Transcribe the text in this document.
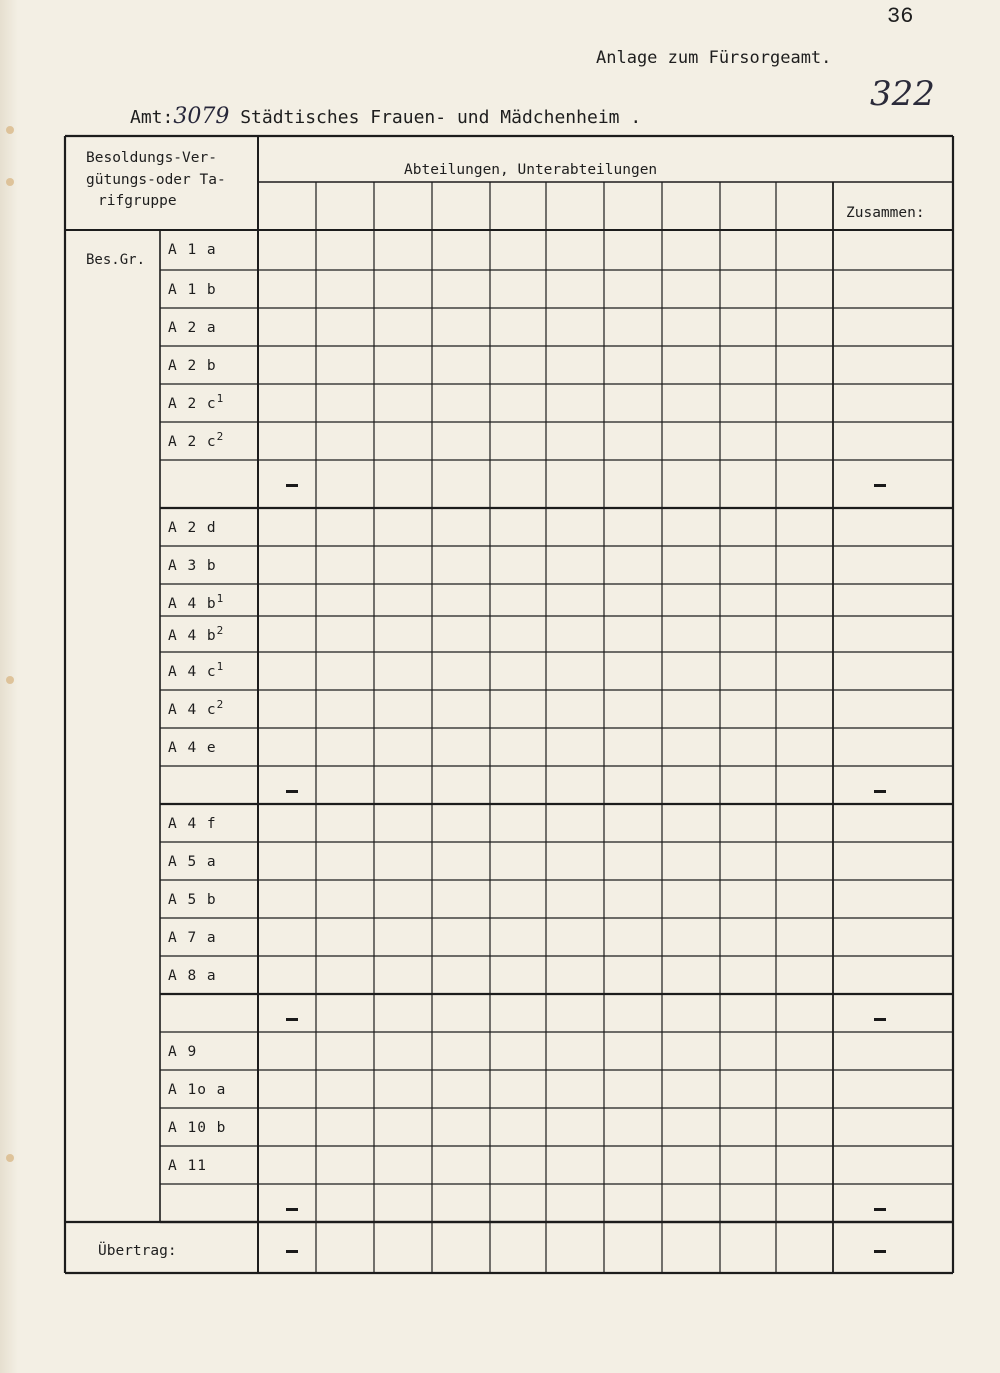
36
Anlage zum Fürsorgeamt.
322
Amt:3079 Städtisches Frauen- und Mädchenheim .
Besoldungs-Ver-
gütungs-oder Ta-
rifgruppe
Abteilungen, Unterabteilungen
Zusammen:
Bes.Gr.
A 1 a
A 1 b
A 2 a
A 2 b
A 2 $c^1$
A 2 $c^2$
A 2 d
A 3 b
A 4 $b^1$
A 4 $b^2$
A 4 $c^1$
A 4 $c^2$
A 4 e
A 4 f
A 5 a
A 5 b
A 7 a
A 8 a
A 9
A 1o a
A 10 b
A 11
Übertrag:
